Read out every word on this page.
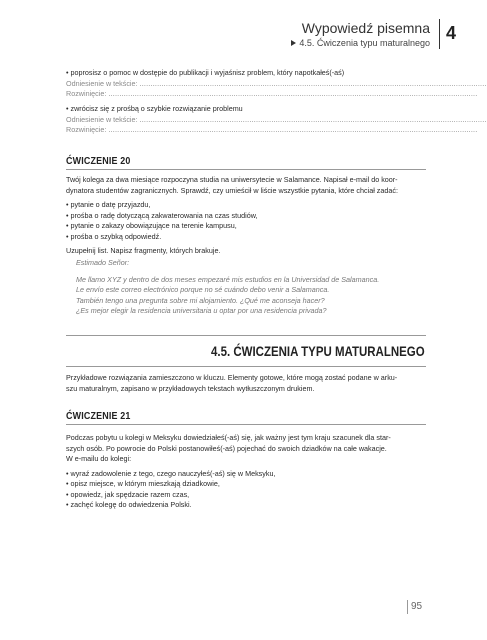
Wypowiedź pisemna
4.5. Ćwiczenia typu maturalnego 4
• poprosisz o pomoc w dostępie do publikacji i wyjaśnisz problem, który napotkałeś(-aś)
Odniesienie w tekście: ..............................................................................................................................................................
Rozwinięcie: ........................................................................................................................................................................
• zwrócisz się z prośbą o szybkie rozwiązanie problemu
Odniesienie w tekście: ..............................................................................................................................................................
Rozwinięcie: ........................................................................................................................................................................
ĆWICZENIE 20
Twój kolega za dwa miesiące rozpoczyna studia na uniwersytecie w Salamance. Napisał e-mail do koor-
dynatora studentów zagranicznych. Sprawdź, czy umieścił w liście wszystkie pytania, które chciał zadać:
• pytanie o datę przyjazdu,
• prośba o radę dotyczącą zakwaterowania na czas studiów,
• pytanie o zakazy obowiązujące na terenie kampusu,
• prośba o szybką odpowiedź.
Uzupełnij list. Napisz fragmenty, których brakuje.
Estimado Señor:
Me llamo XYZ y dentro de dos meses empezaré mis estudios en la Universidad de Salamanca.
Le envío este correo electrónico porque no sé cuándo debo venir a Salamanca.
También tengo una pregunta sobre mi alojamiento. ¿Qué me aconseja hacer?
¿Es mejor elegir la residencia universitaria u optar por una residencia privada?
4.5. ĆWICZENIA TYPU MATURALNEGO
Przykładowe rozwiązania zamieszczono w kluczu. Elementy gotowe, które mogą zostać podane w arku-
szu maturalnym, zapisano w przykładowych tekstach wytłuszczonym drukiem.
ĆWICZENIE 21
Podczas pobytu u kolegi w Meksyku dowiedziałeś(-aś) się, jak ważny jest tym kraju szacunek dla star-
szych osób. Po powrocie do Polski postanowiłeś(-aś) pojechać do swoich dziadków na całe wakacje.
W e-mailu do kolegi:
• wyraź zadowolenie z tego, czego nauczyłeś(-aś) się w Meksyku,
• opisz miejsce, w którym mieszkają dziadkowie,
• opowiedz, jak spędzacie razem czas,
• zachęć kolegę do odwiedzenia Polski.
95
